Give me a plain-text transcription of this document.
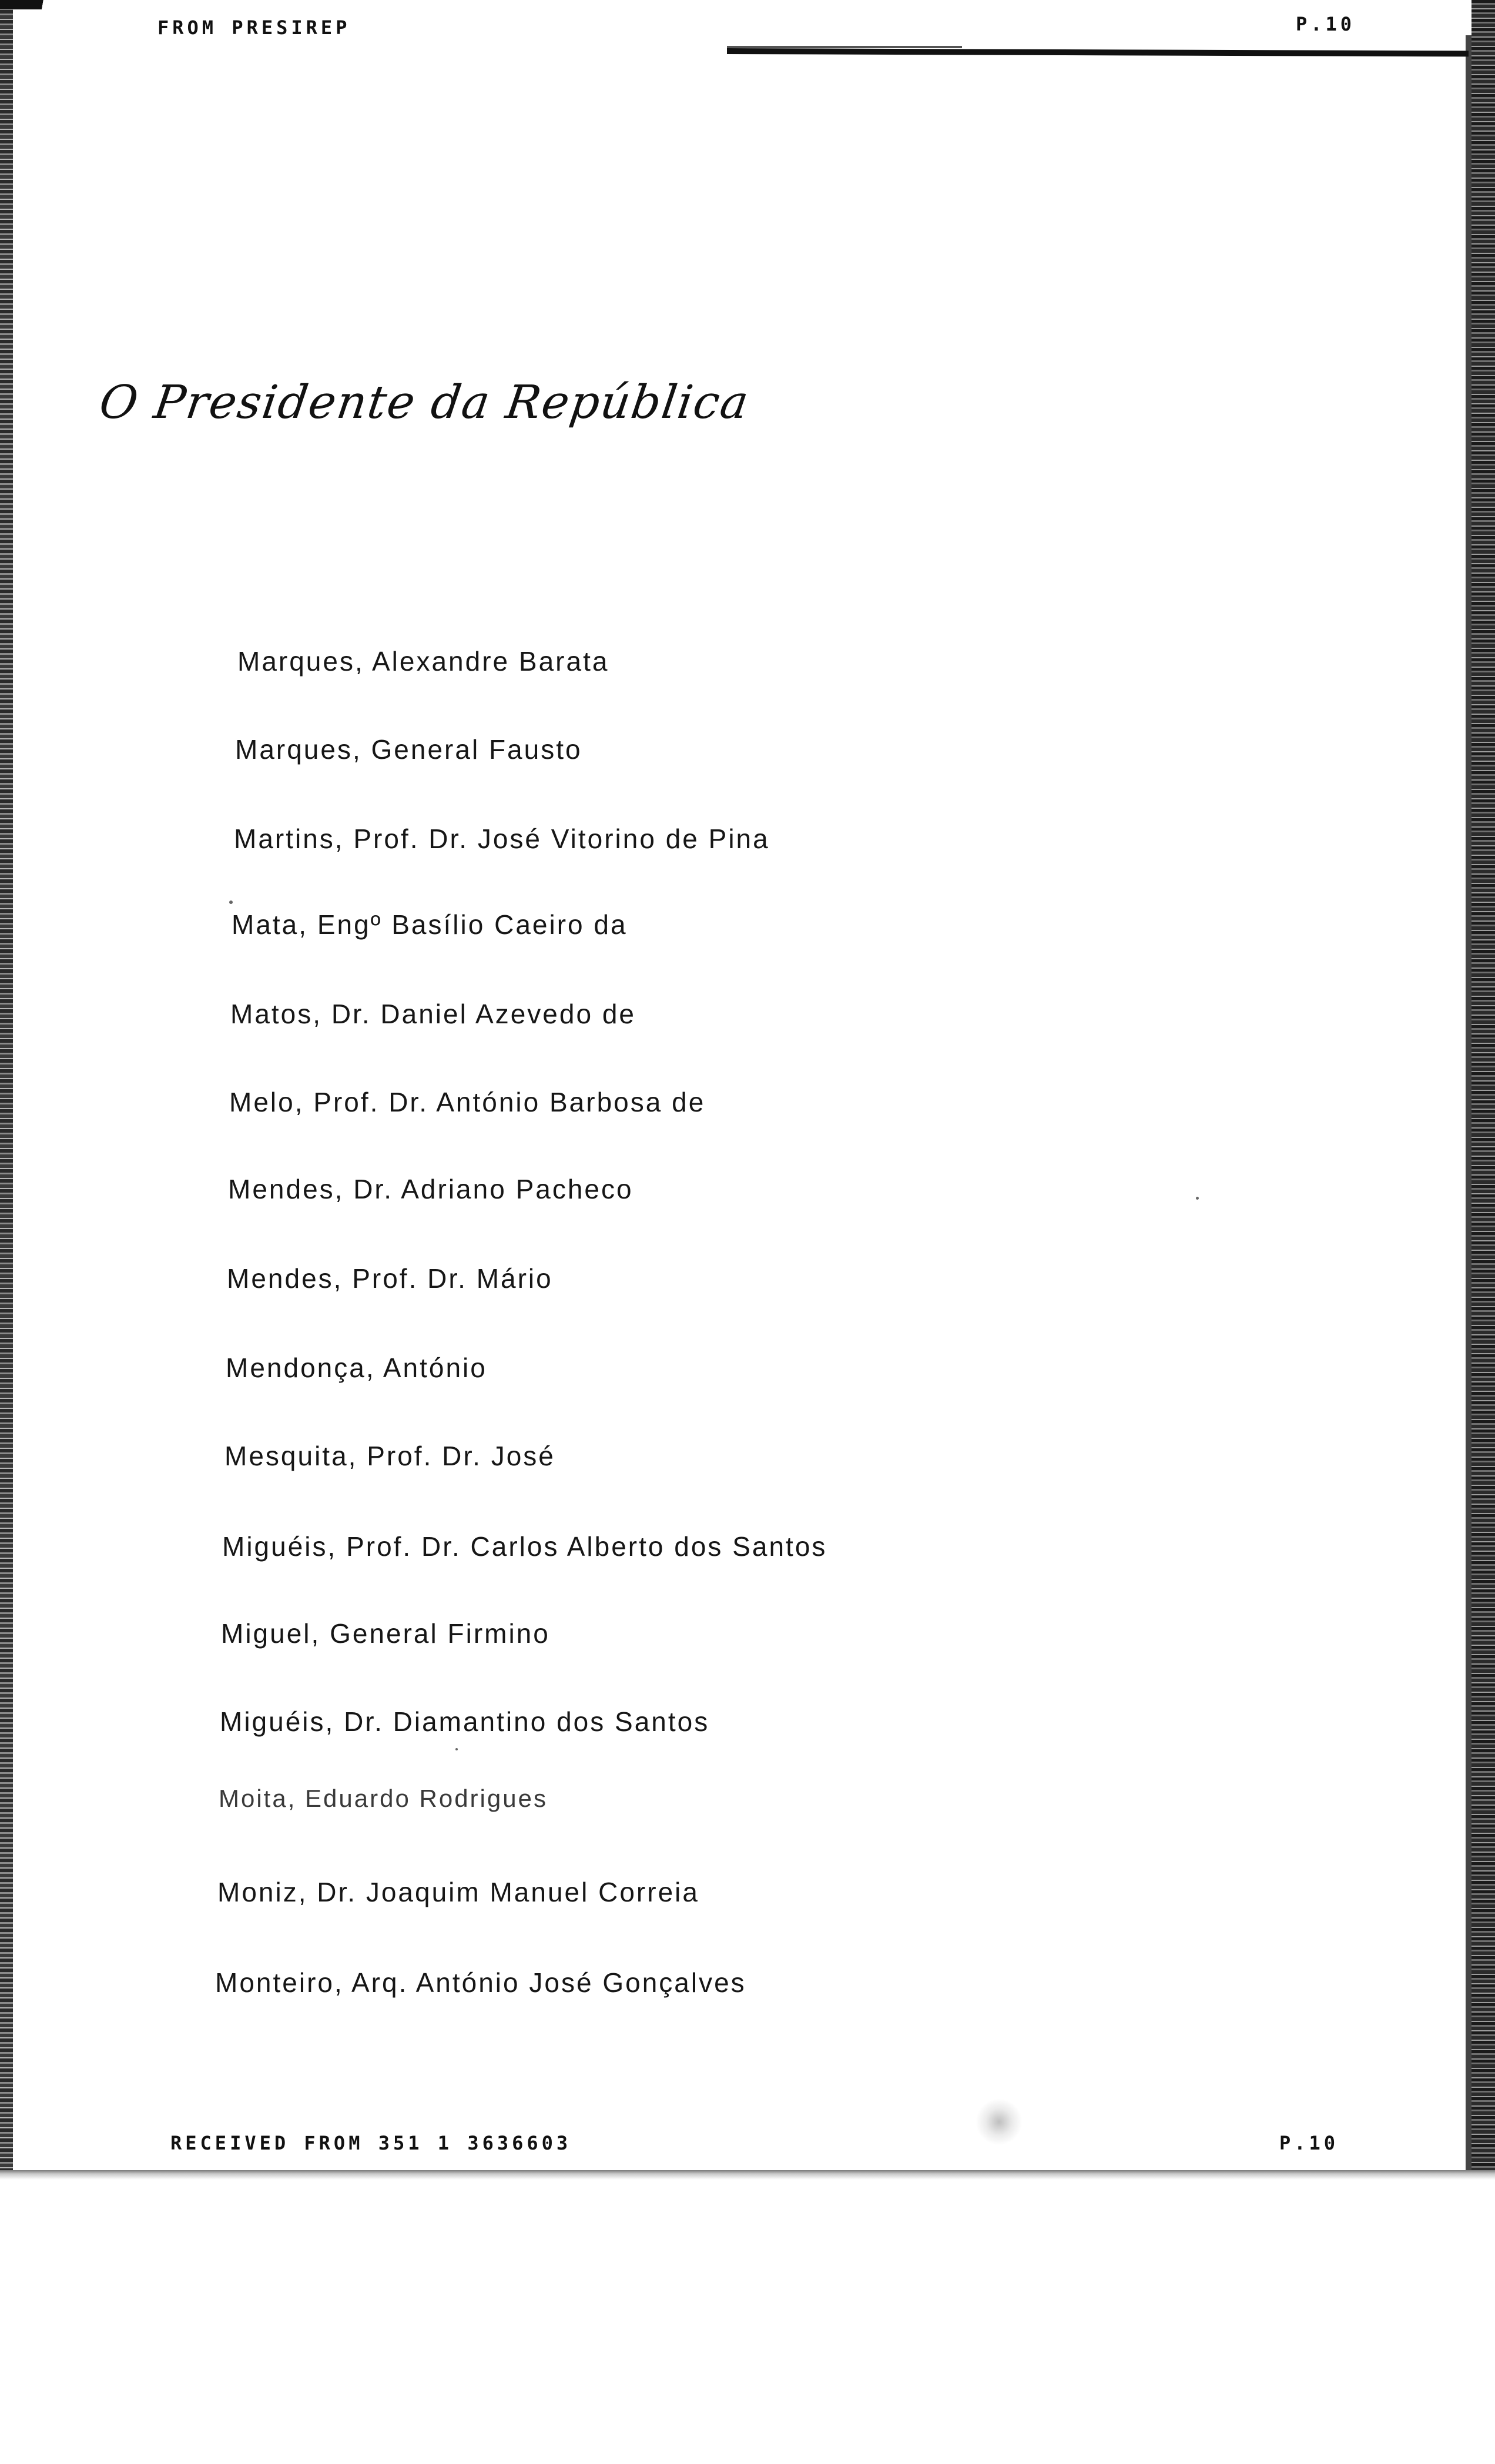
FROM PRESIREP	P.10
O Presidente da República
Marques, Alexandre Barata
Marques, General Fausto
Martins, Prof. Dr. José Vitorino de Pina
Mata, Engº Basílio Caeiro da
Matos, Dr. Daniel Azevedo de
Melo, Prof. Dr. António Barbosa de
Mendes, Dr. Adriano Pacheco
Mendes, Prof. Dr. Mário
Mendonça, António
Mesquita, Prof. Dr. José
Miguéis, Prof. Dr. Carlos Alberto dos Santos
Miguel, General Firmino
Miguéis, Dr. Diamantino dos Santos
Moita, Eduardo Rodrigues
Moniz, Dr. Joaquim Manuel Correia
Monteiro, Arq. António José Gonçalves
RECEIVED FROM 351 1 3636603	P.10
